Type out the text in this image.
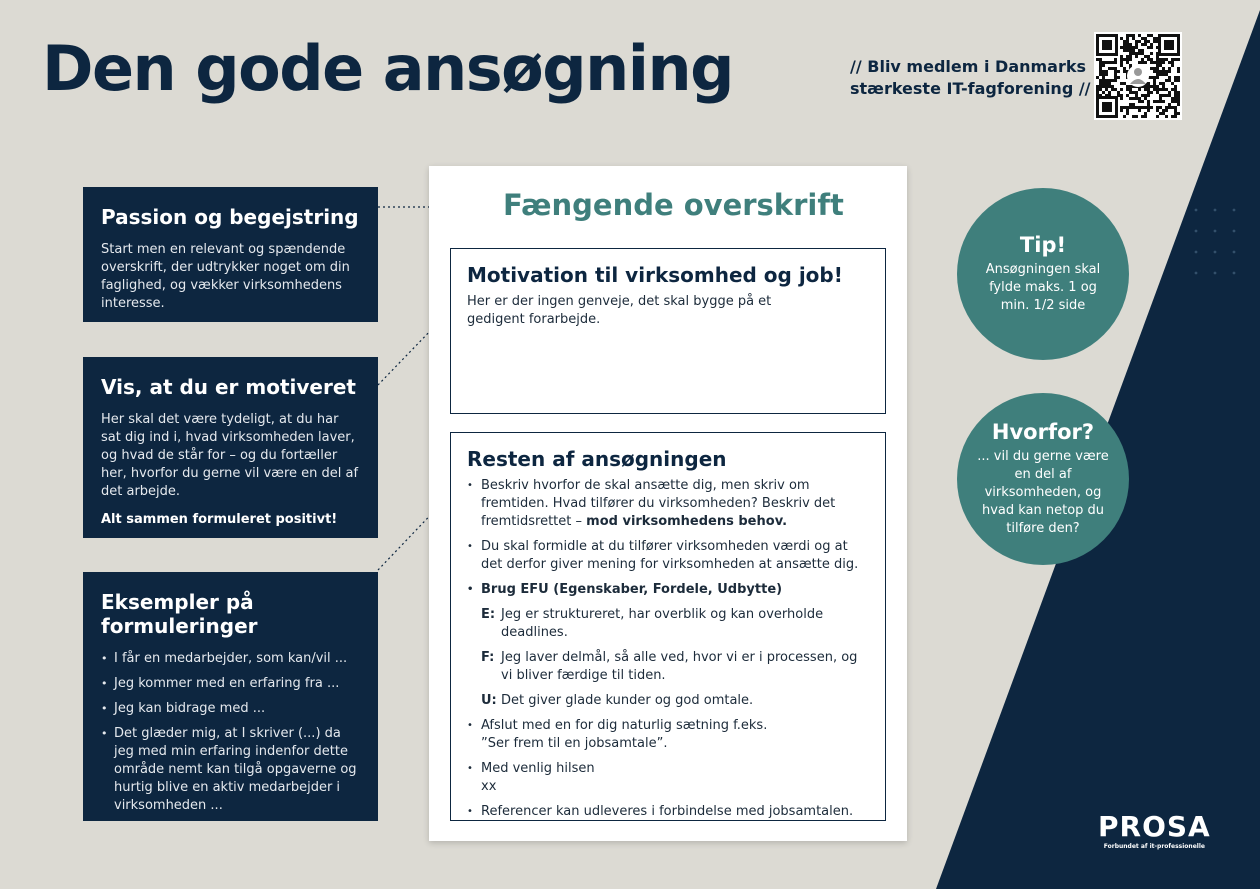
Den gode ansøgning	// Bliv medlem i Danmarks
stærkeste IT-fagforening //
Passion og begejstring

Start men en relevant og spændende overskrift, der udtrykker noget om din faglighed, og vækker virksomhedens interesse.

Vis, at du er motiveret

Her skal det være tydeligt, at du har sat dig ind i, hvad virksomheden laver, og hvad de står for – og du fortæller her, hvorfor du gerne vil være en del af det arbejde.

Alt sammen formuleret positivt!

Eksempler på formuleringer
• I får en medarbejder, som kan/vil ...
• Jeg kommer med en erfaring fra ...
• Jeg kan bidrage med ...
• Det glæder mig, at I skriver (...) da jeg med min erfaring indenfor dette område nemt kan tilgå opgaverne og hurtig blive en aktiv medarbejder i virksomheden ...
Fængende overskrift
Motivation til virksomhed og job!

Her er der ingen genveje, det skal bygge på et gedigent forarbejde.

Resten af ansøgningen
• Beskriv hvorfor de skal ansætte dig, men skriv om fremtiden. Hvad tilfører du virksomheden? Beskriv det fremtidsrettet – mod virksomhedens behov.
• Du skal formidle at du tilfører virksomheden værdi og at det derfor giver mening for virksomheden at ansætte dig.
• Brug EFU (Egenskaber, Fordele, Udbytte)
E: Jeg er struktureret, har overblik og kan overholde deadlines.
F: Jeg laver delmål, så alle ved, hvor vi er i processen, og vi bliver færdige til tiden.
U: Det giver glade kunder og god omtale.
• Afslut med en for dig naturlig sætning f.eks.
”Ser frem til en jobsamtale”.
• Med venlig hilsen
xx
• Referencer kan udleveres i forbindelse med jobsamtalen.
Tip!

Ansøgningen skal fylde maks. 1 og min. 1/2 side

Hvorfor?

... vil du gerne være en del af virksomheden, og hvad kan netop du tilføre den?

PROSA
Forbundet af it-professionelle
